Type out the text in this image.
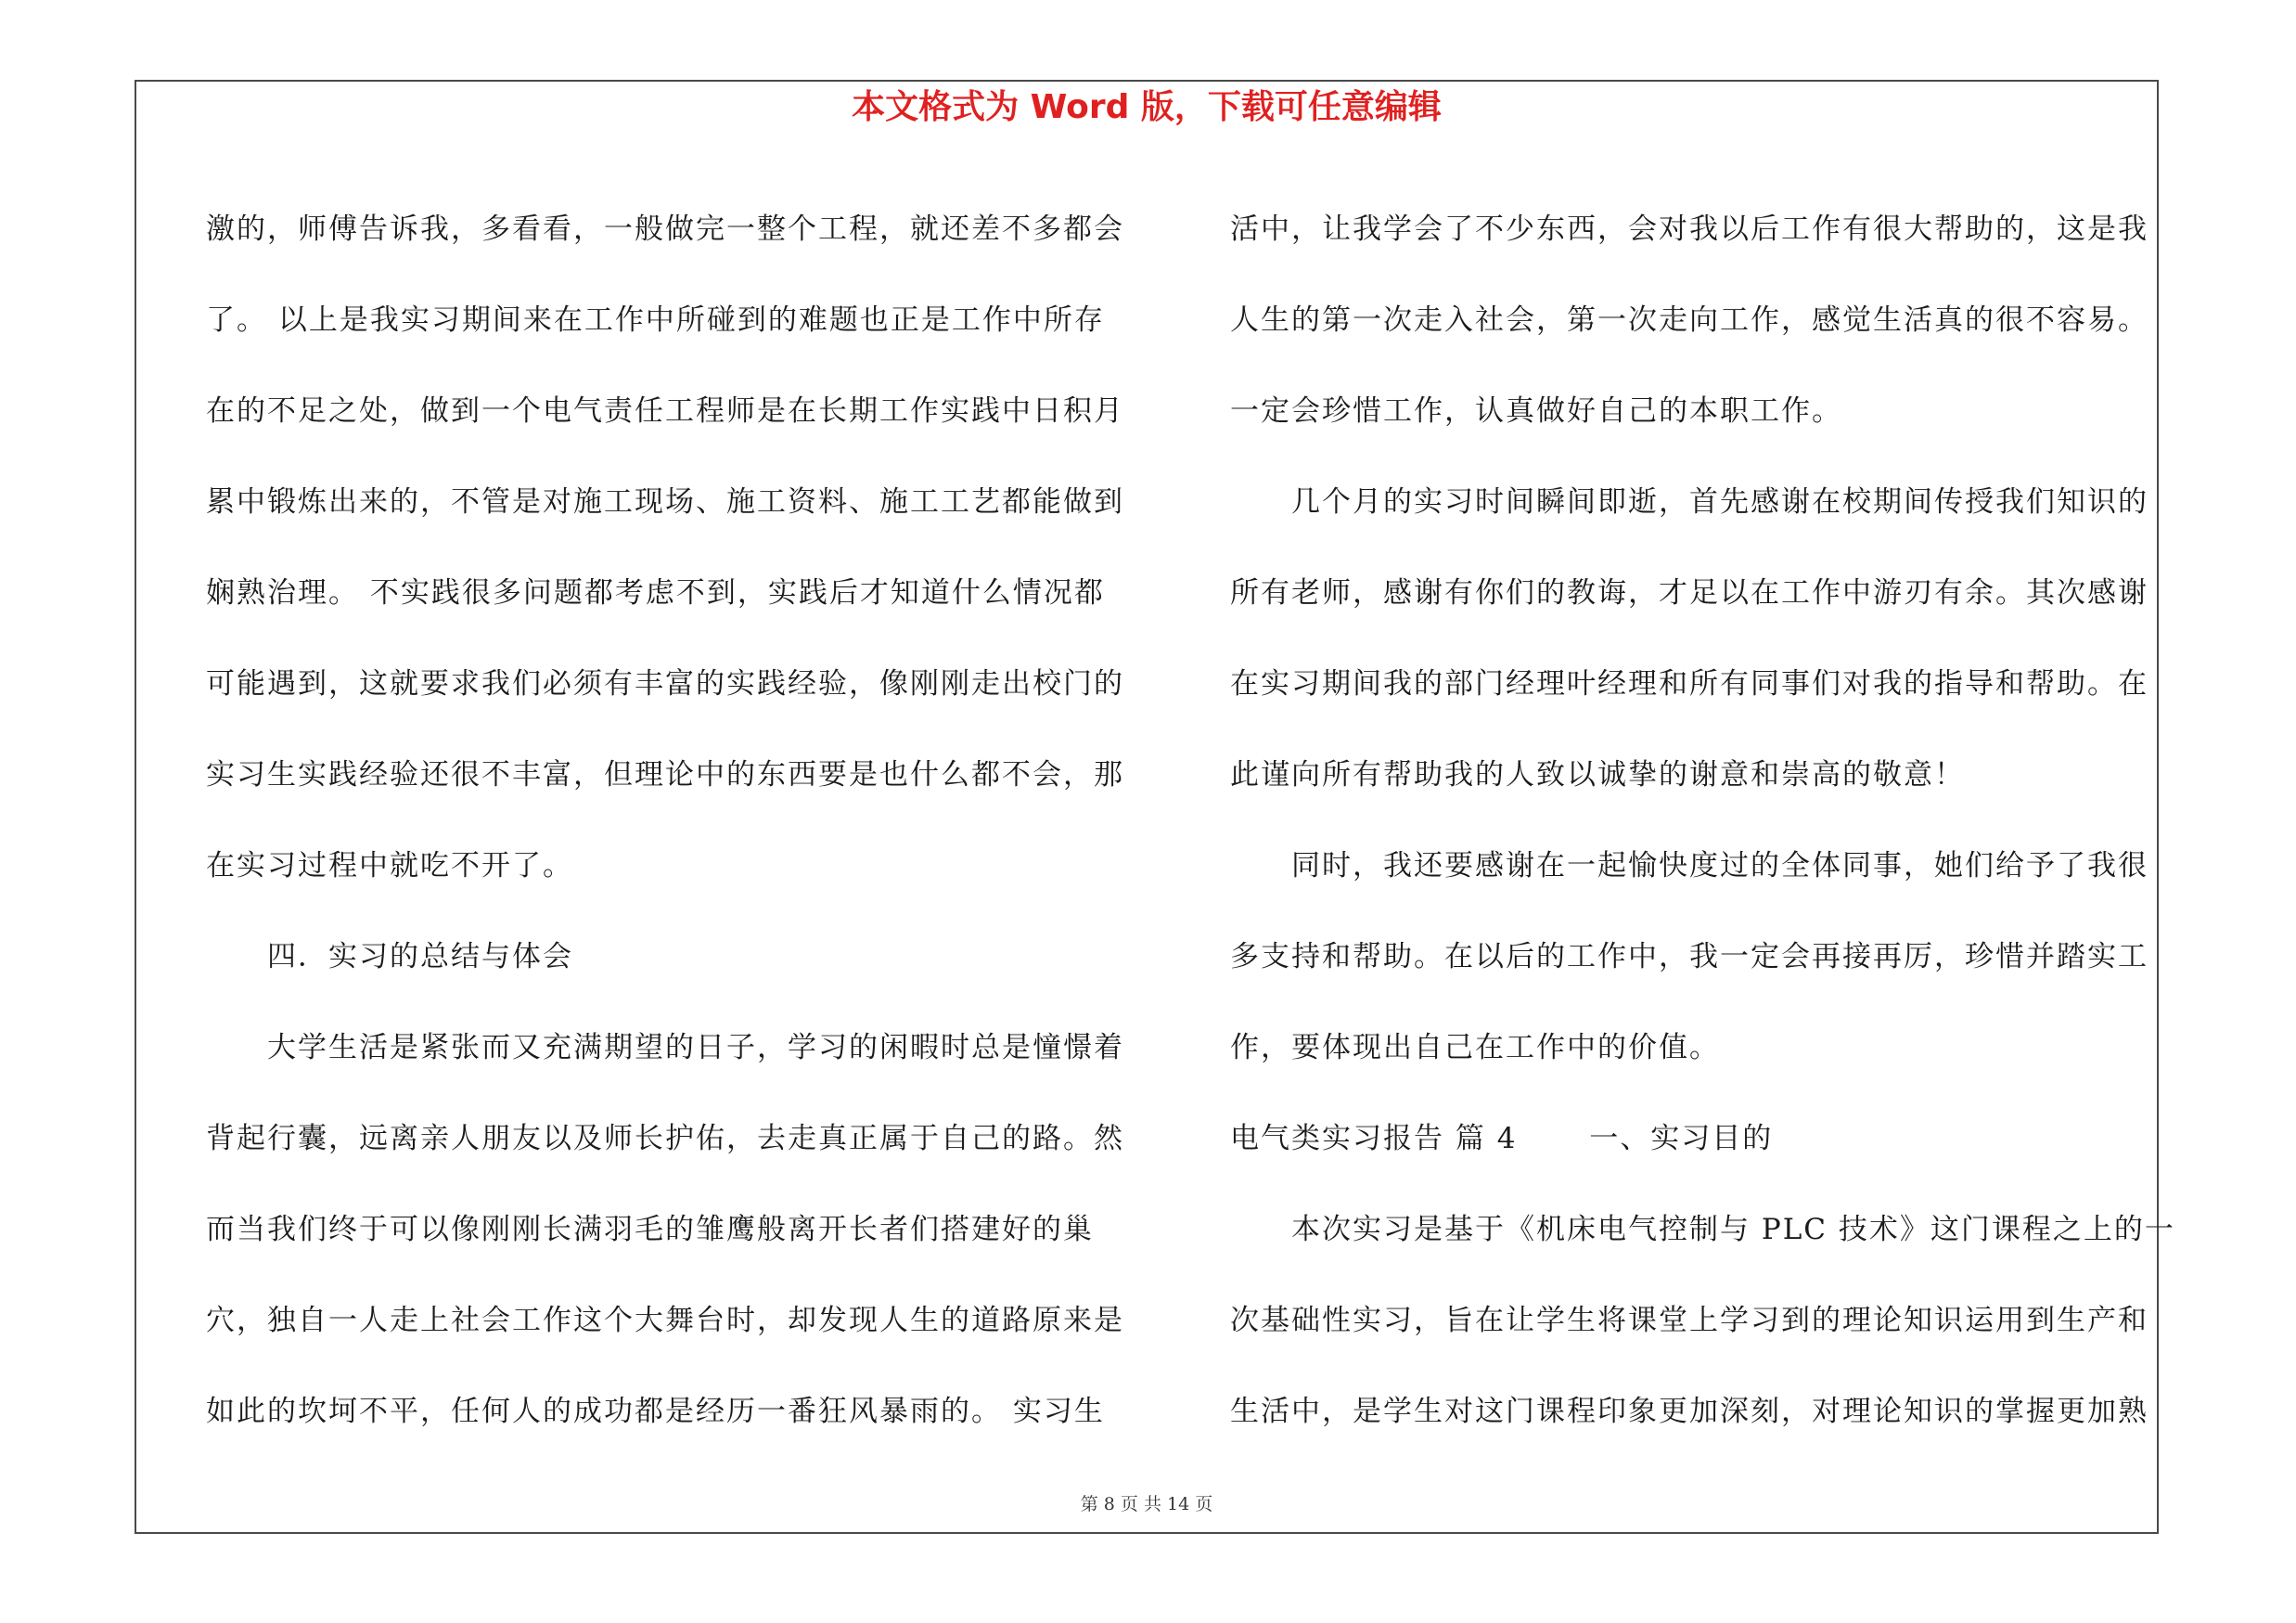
本文格式为 Word 版，下载可任意编辑

激的，师傅告诉我，多看看，一般做完一整个工程，就还差不多都会

了。 以上是我实习期间来在工作中所碰到的难题也正是工作中所存

在的不足之处，做到一个电气责任工程师是在长期工作实践中日积月

累中锻炼出来的，不管是对施工现场、施工资料、施工工艺都能做到

娴熟治理。 不实践很多问题都考虑不到，实践后才知道什么情况都

可能遇到，这就要求我们必须有丰富的实践经验，像刚刚走出校门的

实习生实践经验还很不丰富，但理论中的东西要是也什么都不会，那

在实习过程中就吃不开了。

四．实习的总结与体会

大学生活是紧张而又充满期望的日子，学习的闲暇时总是憧憬着

背起行囊，远离亲人朋友以及师长护佑，去走真正属于自己的路。然

而当我们终于可以像刚刚长满羽毛的雏鹰般离开长者们搭建好的巢

穴，独自一人走上社会工作这个大舞台时，却发现人生的道路原来是

如此的坎坷不平，任何人的成功都是经历一番狂风暴雨的。 实习生

活中，让我学会了不少东西，会对我以后工作有很大帮助的，这是我

人生的第一次走入社会，第一次走向工作，感觉生活真的很不容易。

一定会珍惜工作，认真做好自己的本职工作。

几个月的实习时间瞬间即逝，首先感谢在校期间传授我们知识的

所有老师，感谢有你们的教诲，才足以在工作中游刃有余。其次感谢

在实习期间我的部门经理叶经理和所有同事们对我的指导和帮助。在

此谨向所有帮助我的人致以诚挚的谢意和崇高的敬意！

同时，我还要感谢在一起愉快度过的全体同事，她们给予了我很

多支持和帮助。在以后的工作中，我一定会再接再厉，珍惜并踏实工

作，要体现出自己在工作中的价值。

电气类实习报告 篇 4 　　一、实习目的

本次实习是基于《机床电气控制与 PLC 技术》这门课程之上的一

次基础性实习，旨在让学生将课堂上学习到的理论知识运用到生产和

生活中，是学生对这门课程印象更加深刻，对理论知识的掌握更加熟

第 8 页 共 14 页
